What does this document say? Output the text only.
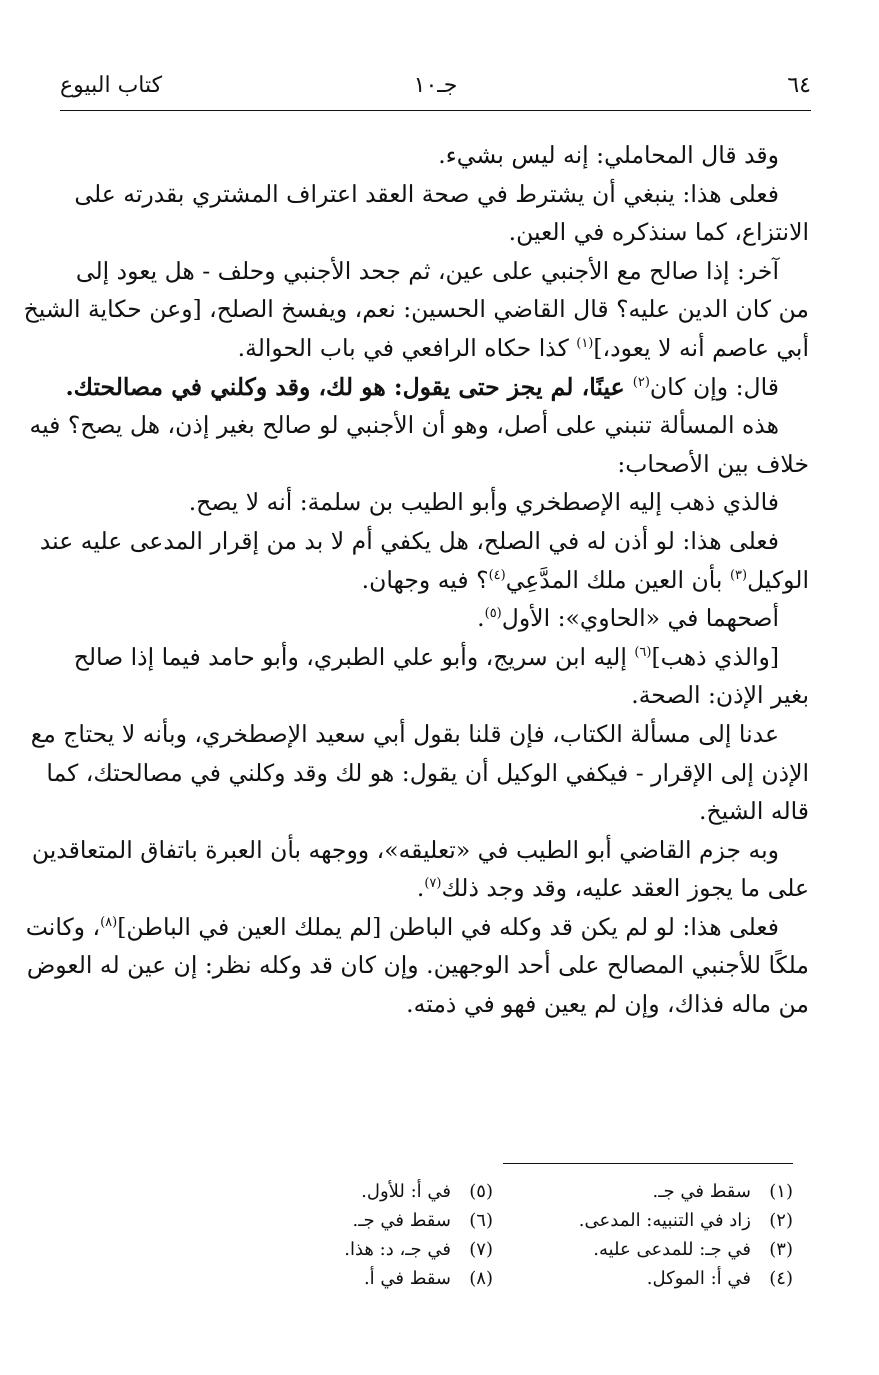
٦٤
جـ١٠
كتاب البيوع

وقد قال المحاملي: إنه ليس بشيء.

فعلى هذا: ينبغي أن يشترط في صحة العقد اعتراف المشتري بقدرته على
الانتزاع، كما سنذكره في العين.

آخر: إذا صالح مع الأجنبي على عين، ثم جحد الأجنبي وحلف - هل يعود إلى
من كان الدين عليه؟ قال القاضي الحسين: نعم، ويفسخ الصلح، [وعن حكاية الشيخ
أبي عاصم أنه لا يعود،]$^{(١)}$ كذا حكاه الرافعي في باب الحوالة.

قال: وإن كان$^{(٢)}$ عينًا، لم يجز حتى يقول: هو لك، وقد وكلني في مصالحتك.

هذه المسألة تنبني على أصل، وهو أن الأجنبي لو صالح بغير إذن، هل يصح؟ فيه
خلاف بين الأصحاب:

فالذي ذهب إليه الإصطخري وأبو الطيب بن سلمة: أنه لا يصح.

فعلى هذا: لو أذن له في الصلح، هل يكفي أم لا بد من إقرار المدعى عليه عند
الوكيل$^{(٣)}$ بأن العين ملك المدَّعِي$^{(٤)}$؟ فيه وجهان.

أصحهما في «الحاوي»: الأول$^{(٥)}$.

[والذي ذهب]$^{(٦)}$ إليه ابن سريج، وأبو علي الطبري، وأبو حامد فيما إذا صالح
بغير الإذن: الصحة.

عدنا إلى مسألة الكتاب، فإن قلنا بقول أبي سعيد الإصطخري، وبأنه لا يحتاج مع
الإذن إلى الإقرار - فيكفي الوكيل أن يقول: هو لك وقد وكلني في مصالحتك، كما
قاله الشيخ.

وبه جزم القاضي أبو الطيب في «تعليقه»، ووجهه بأن العبرة باتفاق المتعاقدين
على ما يجوز العقد عليه، وقد وجد ذلك$^{(٧)}$.

فعلى هذا: لو لم يكن قد وكله في الباطن [لم يملك العين في الباطن]$^{(٨)}$، وكانت
ملكًا للأجنبي المصالح على أحد الوجهين. وإن كان قد وكله نظر: إن عين له العوض
من ماله فذاك، وإن لم يعين فهو في ذمته.

(١)سقط في جـ.
(٢)زاد في التنبيه: المدعى.
(٣)في جـ: للمدعى عليه.
(٤)في أ: الموكل.
(٥)في أ: للأول.
(٦)سقط في جـ.
(٧)في جـ، د: هذا.
(٨)سقط في أ.
